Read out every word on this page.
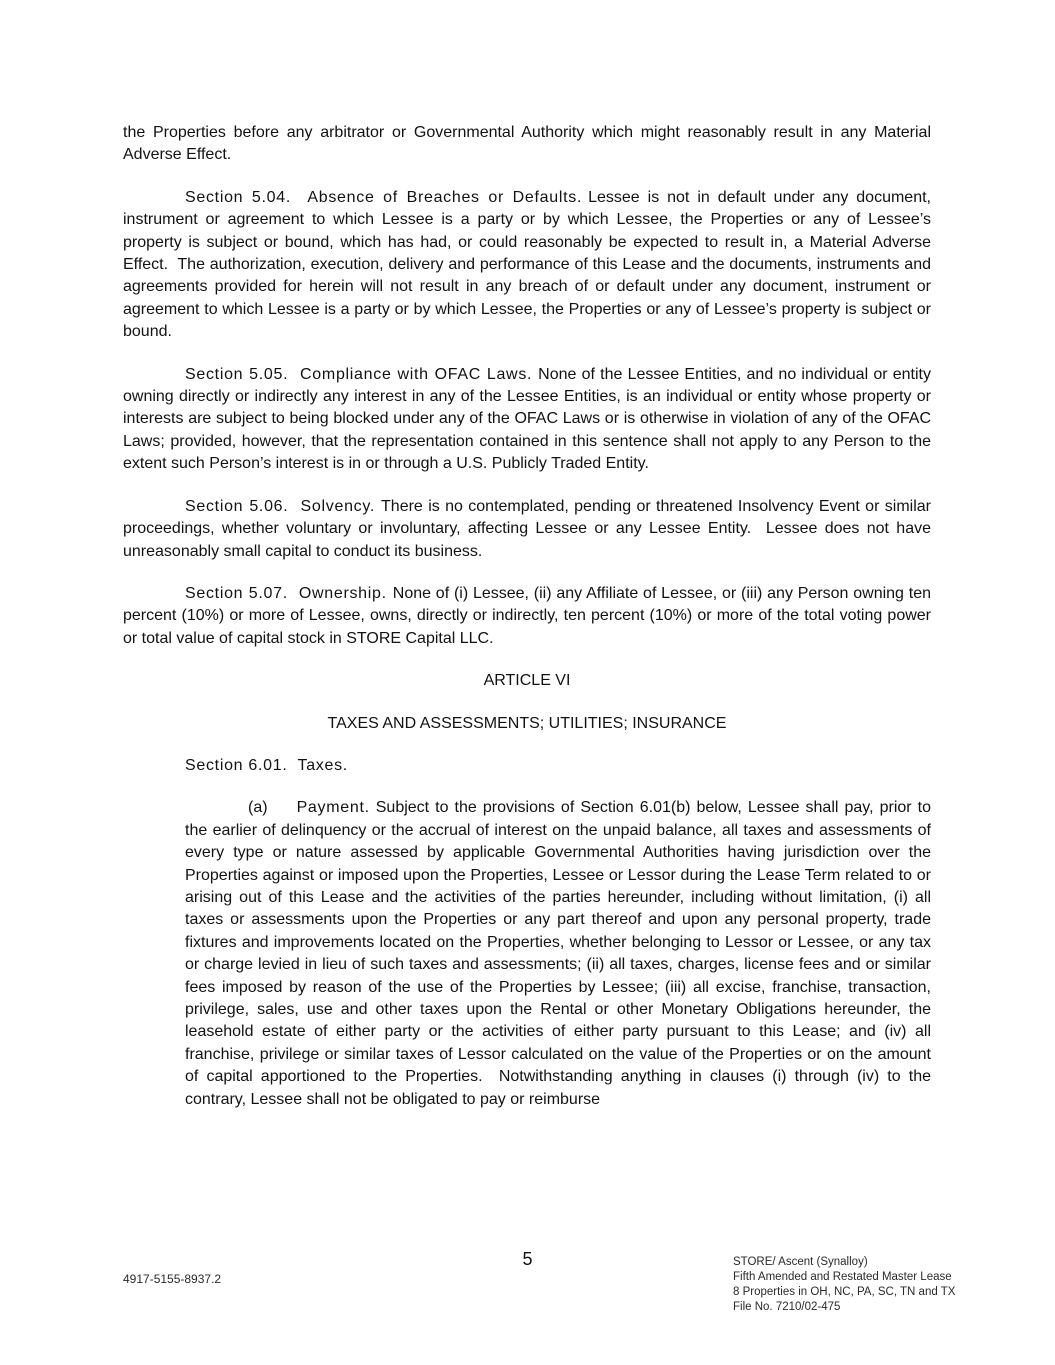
the Properties before any arbitrator or Governmental Authority which might reasonably result in any Material Adverse Effect.

Section 5.04.  Absence of Breaches or Defaults. Lessee is not in default under any document, instrument or agreement to which Lessee is a party or by which Lessee, the Properties or any of Lessee’s property is subject or bound, which has had, or could reasonably be expected to result in, a Material Adverse Effect.  The authorization, execution, delivery and performance of this Lease and the documents, instruments and agreements provided for herein will not result in any breach of or default under any document, instrument or agreement to which Lessee is a party or by which Lessee, the Properties or any of Lessee’s property is subject or bound.

Section 5.05.  Compliance with OFAC Laws. None of the Lessee Entities, and no individual or entity owning directly or indirectly any interest in any of the Lessee Entities, is an individual or entity whose property or interests are subject to being blocked under any of the OFAC Laws or is otherwise in violation of any of the OFAC Laws; provided, however, that the representation contained in this sentence shall not apply to any Person to the extent such Person’s interest is in or through a U.S. Publicly Traded Entity.

Section 5.06.  Solvency. There is no contemplated, pending or threatened Insolvency Event or similar proceedings, whether voluntary or involuntary, affecting Lessee or any Lessee Entity.  Lessee does not have unreasonably small capital to conduct its business.

Section 5.07.  Ownership. None of (i) Lessee, (ii) any Affiliate of Lessee, or (iii) any Person owning ten percent (10%) or more of Lessee, owns, directly or indirectly, ten percent (10%) or more of the total voting power or total value of capital stock in STORE Capital LLC.

ARTICLE VI

TAXES AND ASSESSMENTS; UTILITIES; INSURANCE

Section 6.01.  Taxes.

(a) Payment. Subject to the provisions of Section 6.01(b) below, Lessee shall pay, prior to the earlier of delinquency or the accrual of interest on the unpaid balance, all taxes and assessments of every type or nature assessed by applicable Governmental Authorities having jurisdiction over the Properties against or imposed upon the Properties, Lessee or Lessor during the Lease Term related to or arising out of this Lease and the activities of the parties hereunder, including without limitation, (i) all taxes or assessments upon the Properties or any part thereof and upon any personal property, trade fixtures and improvements located on the Properties, whether belonging to Lessor or Lessee, or any tax or charge levied in lieu of such taxes and assessments; (ii) all taxes, charges, license fees and or similar fees imposed by reason of the use of the Properties by Lessee; (iii) all excise, franchise, transaction, privilege, sales, use and other taxes upon the Rental or other Monetary Obligations hereunder, the leasehold estate of either party or the activities of either party pursuant to this Lease; and (iv) all franchise, privilege or similar taxes of Lessor calculated on the value of the Properties or on the amount of capital apportioned to the Properties.  Notwithstanding anything in clauses (i) through (iv) to the contrary, Lessee shall not be obligated to pay or reimburse

5
4917-5155-8937.2
STORE/ Ascent (Synalloy)
Fifth Amended and Restated Master Lease
8 Properties in OH, NC, PA, SC, TN and TX
File No. 7210/02-475
